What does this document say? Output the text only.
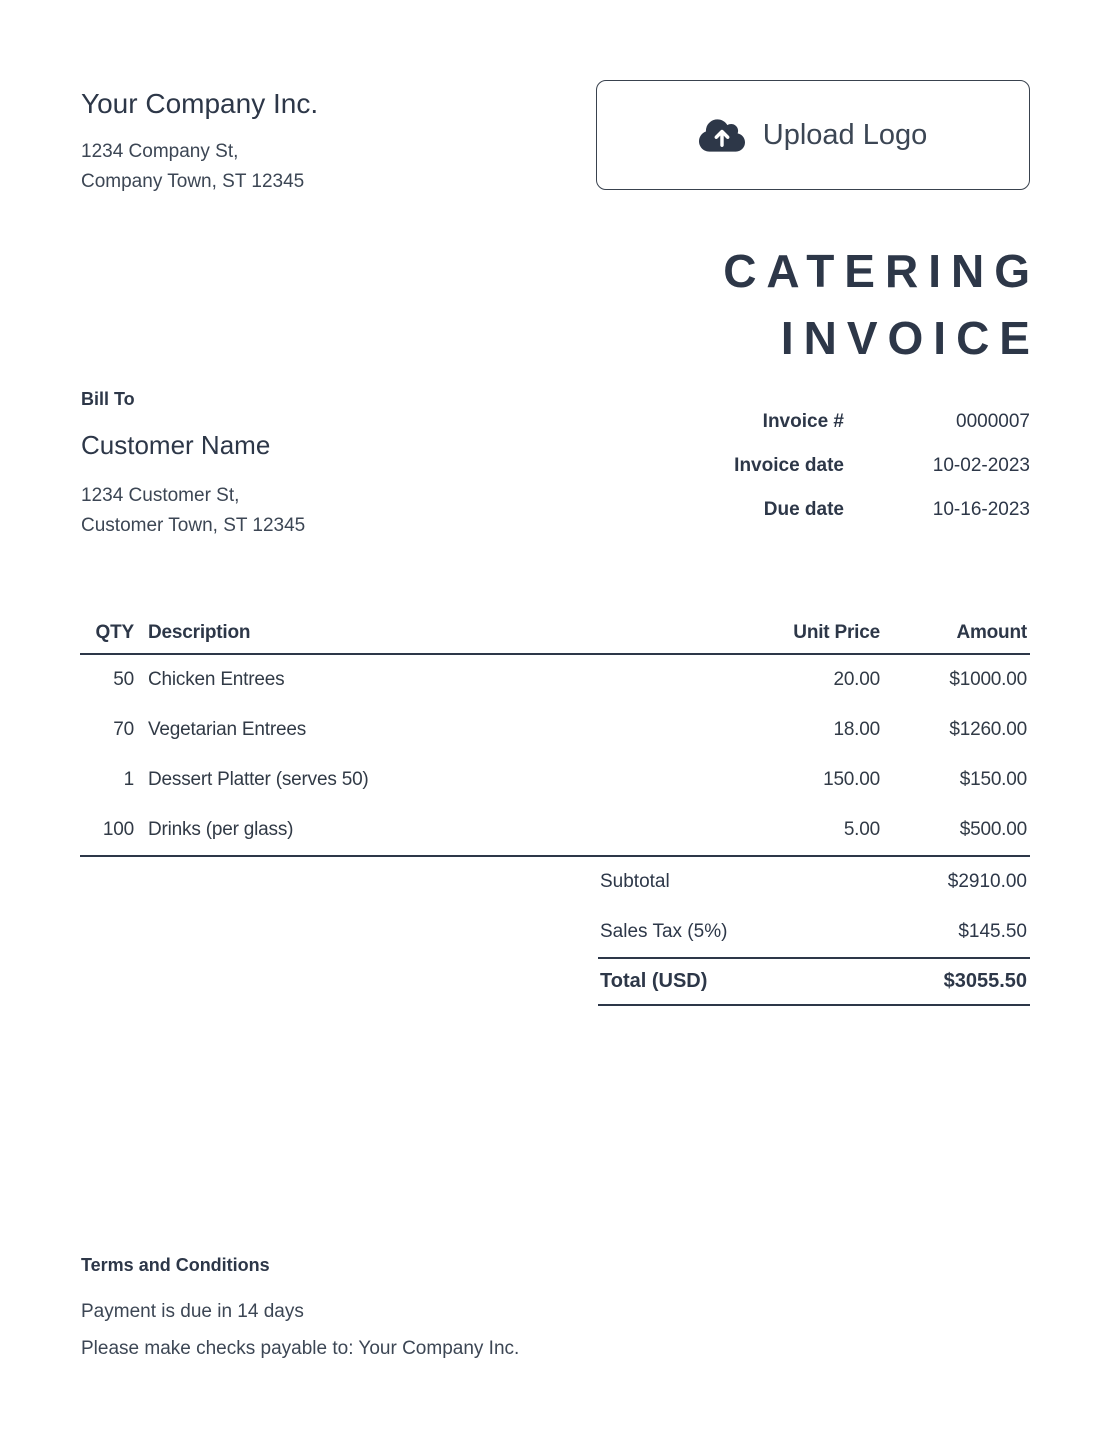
Your Company Inc.
1234 Company St,
Company Town, ST 12345
Upload Logo
CATERING
INVOICE
Bill To
Customer Name
1234 Customer St,
Customer Town, ST 12345
Invoice #	0000007
Invoice date	10-02-2023
Due date	10-16-2023
QTY Description	Unit Price	Amount
50 Chicken Entrees	20.00	$1000.00
70 Vegetarian Entrees	18.00	$1260.00
1 Dessert Platter (serves 50)	150.00	$150.00
100 Drinks (per glass)	5.00	$500.00
Subtotal	$2910.00
Sales Tax (5%)	$145.50
Total (USD)	$3055.50
Terms and Conditions
Payment is due in 14 days
Please make checks payable to: Your Company Inc.
